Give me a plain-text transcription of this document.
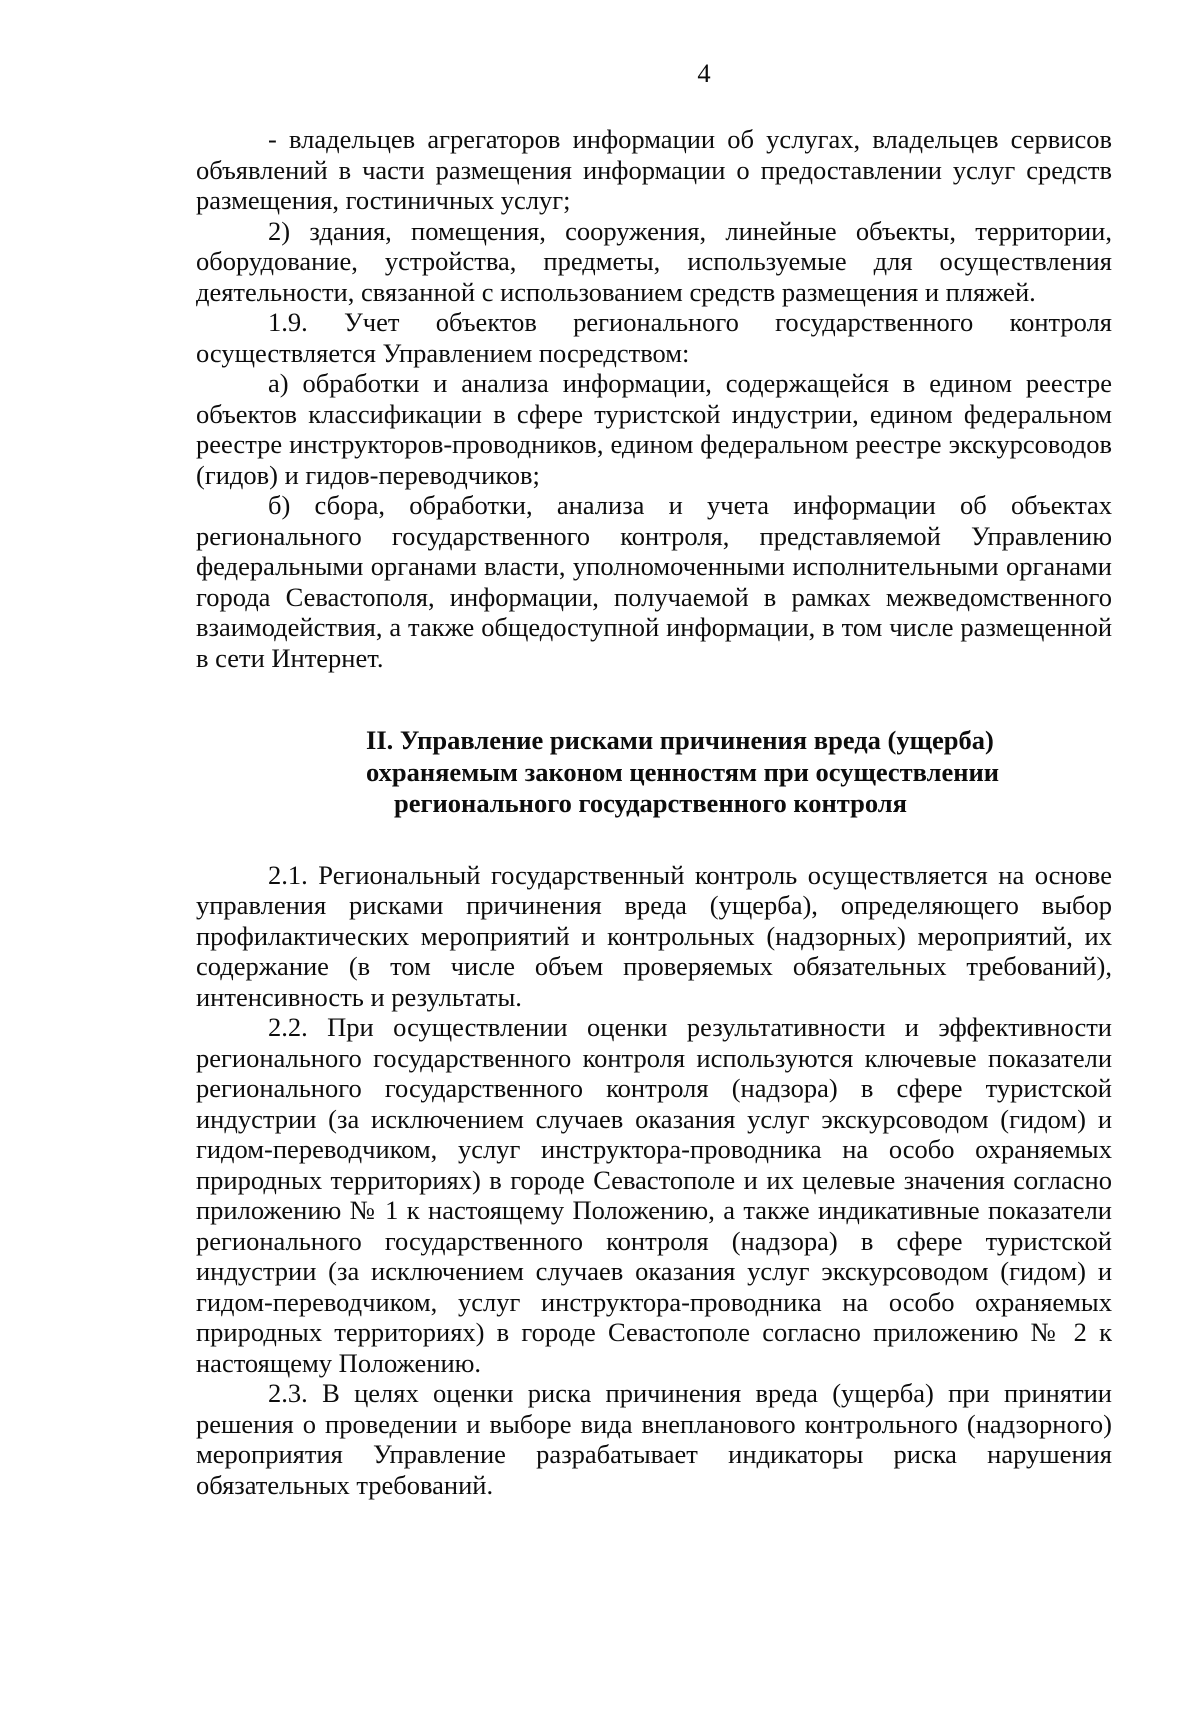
4

- владельцев агрегаторов информации об услугах, владельцев сервисов объявлений в части размещения информации о предоставлении услуг средств размещения, гостиничных услуг;

2) здания, помещения, сооружения, линейные объекты, территории, оборудование, устройства, предметы, используемые для осуществления деятельности, связанной с использованием средств размещения и пляжей.

1.9. Учет объектов регионального государственного контроля осуществляется Управлением посредством:

а) обработки и анализа информации, содержащейся в едином реестре объектов классификации в сфере туристской индустрии, едином федеральном реестре инструкторов-проводников, едином федеральном реестре экскурсоводов (гидов) и гидов-переводчиков;

б) сбора, обработки, анализа и учета информации об объектах регионального государственного контроля, представляемой Управлению федеральными органами власти, уполномоченными исполнительными органами города Севастополя, информации, получаемой в рамках межведомственного взаимодействия, а также общедоступной информации, в том числе размещенной в сети Интернет.

II. Управление рисками причинения вреда (ущерба)
охраняемым законом ценностям при осуществлении
регионального государственного контроля

2.1. Региональный государственный контроль осуществляется на основе управления рисками причинения вреда (ущерба), определяющего выбор профилактических мероприятий и контрольных (надзорных) мероприятий, их содержание (в том числе объем проверяемых обязательных требований), интенсивность и результаты.

2.2. При осуществлении оценки результативности и эффективности регионального государственного контроля используются ключевые показатели регионального государственного контроля (надзора) в сфере туристской индустрии (за исключением случаев оказания услуг экскурсоводом (гидом) и гидом-переводчиком, услуг инструктора-проводника на особо охраняемых природных территориях) в городе Севастополе и их целевые значения согласно приложению № 1 к настоящему Положению, а также индикативные показатели регионального государственного контроля (надзора) в сфере туристской индустрии (за исключением случаев оказания услуг экскурсоводом (гидом) и гидом-переводчиком, услуг инструктора-проводника на особо охраняемых природных территориях) в городе Севастополе согласно приложению № 2 к настоящему Положению.

2.3. В целях оценки риска причинения вреда (ущерба) при принятии решения о проведении и выборе вида внепланового контрольного (надзорного) мероприятия Управление разрабатывает индикаторы риска нарушения обязательных требований.
